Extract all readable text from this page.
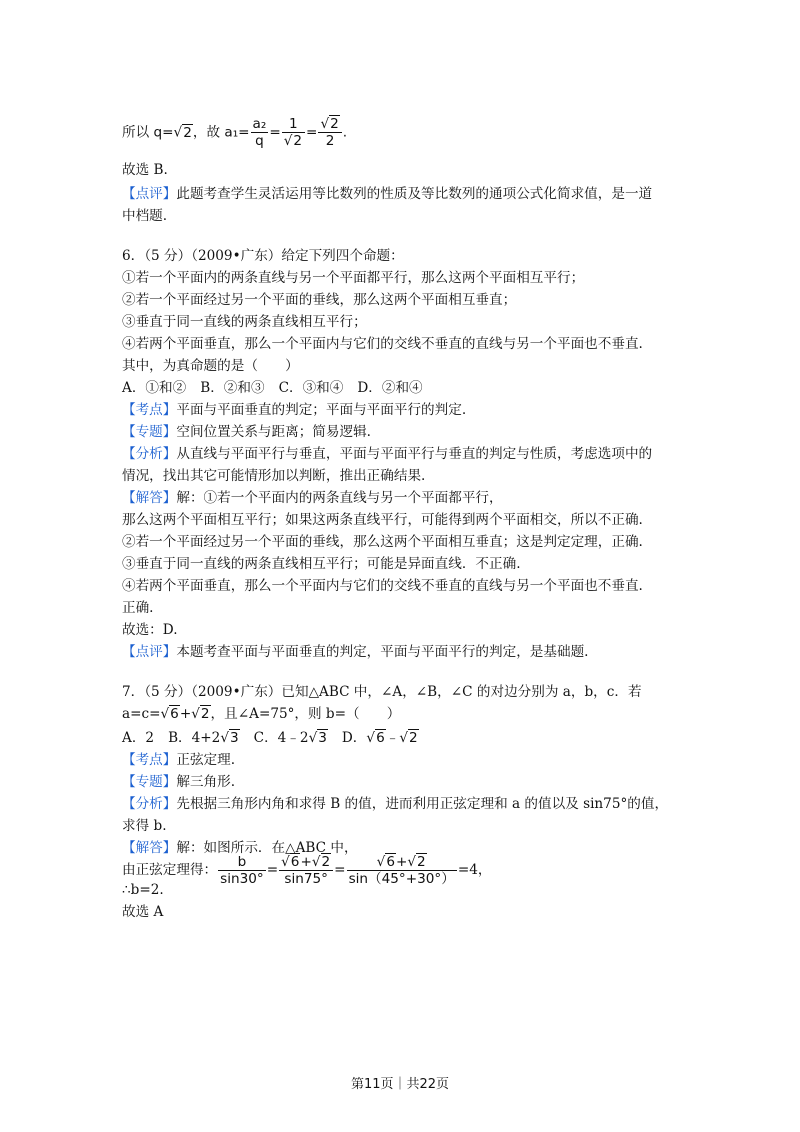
所以 q=√2，故 $a_1= \frac{\text{a₂}}{q} = \frac{1}{√2} = \frac{√2}{2}$ .
故选 B.
【点评】此题考查学生灵活运用等比数列的性质及等比数列的通项公式化简求值，是一道
中档题.
6．（5 分）（2009•广东）给定下列四个命题：
①若一个平面内的两条直线与另一个平面都平行，那么这两个平面相互平行；
②若一个平面经过另一个平面的垂线，那么这两个平面相互垂直；
③垂直于同一直线的两条直线相互平行；
④若两个平面垂直，那么一个平面内与它们的交线不垂直的直线与另一个平面也不垂直.
其中，为真命题的是（　　）
A．①和② B．②和③ C．③和④ D．②和④
【考点】平面与平面垂直的判定；平面与平面平行的判定.
【专题】空间位置关系与距离；简易逻辑.
【分析】从直线与平面平行与垂直，平面与平面平行与垂直的判定与性质，考虑选项中的
情况，找出其它可能情形加以判断，推出正确结果.
【解答】解：①若一个平面内的两条直线与另一个平面都平行，
那么这两个平面相互平行；如果这两条直线平行，可能得到两个平面相交，所以不正确.
②若一个平面经过另一个平面的垂线，那么这两个平面相互垂直；这是判定定理，正确.
③垂直于同一直线的两条直线相互平行；可能是异面直线．不正确.
④若两个平面垂直，那么一个平面内与它们的交线不垂直的直线与另一个平面也不垂直.
正确.
故选：D.
【点评】本题考查平面与平面垂直的判定，平面与平面平行的判定，是基础题.
7．（5 分）（2009•广东）已知△ABC 中，∠A，∠B，∠C 的对边分别为 a，b，c．若
a=c=√6+√2，且∠A=75°，则 b=（　　）
A．2 B．4+2√3 C．4﹣2√3 D．√6﹣√2
【考点】正弦定理.
【专题】解三角形.
【分析】先根据三角形内角和求得 B 的值，进而利用正弦定理和 a 的值以及 sin75°的值，
求得 b.
【解答】解：如图所示．在△ABC 中，
由正弦定理得： $\frac{b}{\sin 30^\circ} = \frac{√6+√2}{\sin 75^\circ} = \frac{√6+√2}{\sin(45^\circ+30^\circ)} =4$，
∴b=2.
故选 A
第11页｜共22页
